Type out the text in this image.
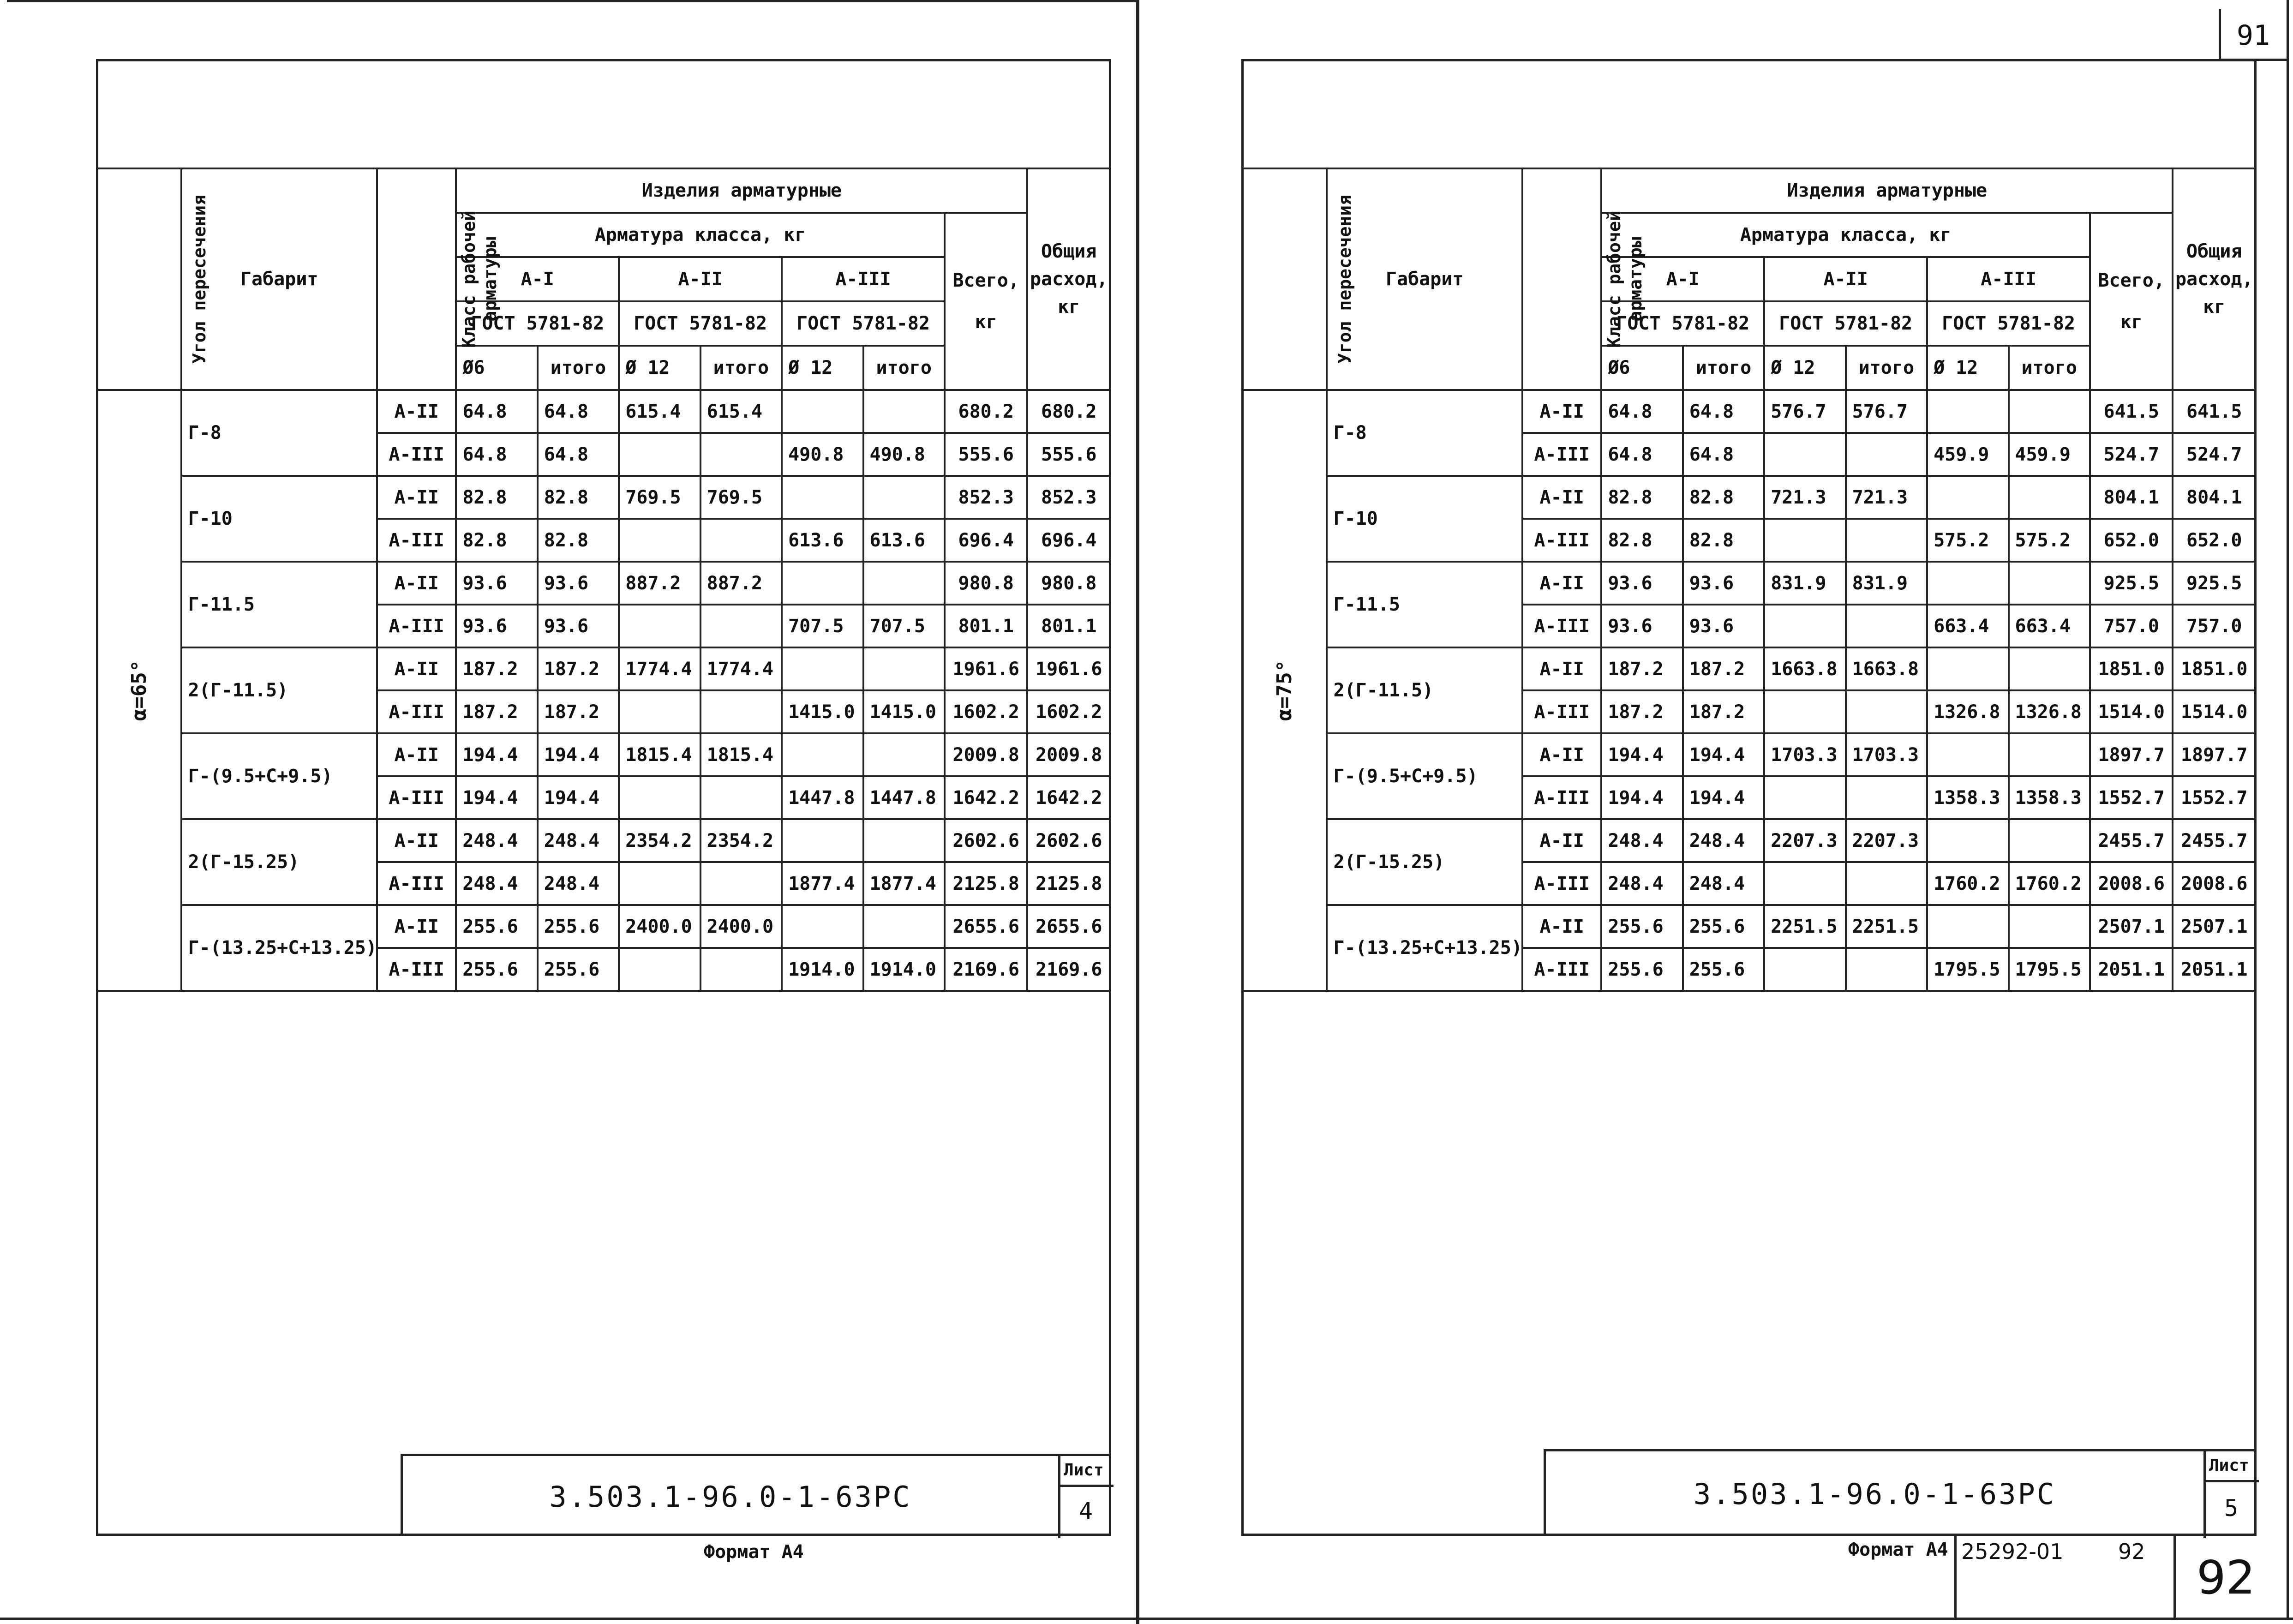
91
Угол пересечения	Габарит	Класс рабочей арматуры	Изделия арматурные							Общия
расход,
кг
			Арматура класса, кг						Всего,
кг	
			А-I		А-II		А-III			
			ГОСТ 5781-82		ГОСТ 5781-82		ГОСТ 5781-82			
			Ø6	итого	Ø 12	итого	Ø 12	итого		
α=65°	Г-8	А-II	64.8	64.8	615.4	615.4			680.2	680.2
		А-III	64.8	64.8			490.8	490.8	555.6	555.6
	Г-10	А-II	82.8	82.8	769.5	769.5			852.3	852.3
		А-III	82.8	82.8			613.6	613.6	696.4	696.4
	Г-11.5	А-II	93.6	93.6	887.2	887.2			980.8	980.8
		А-III	93.6	93.6			707.5	707.5	801.1	801.1
	2(Г-11.5)	А-II	187.2	187.2	1774.4	1774.4			1961.6	1961.6
		А-III	187.2	187.2			1415.0	1415.0	1602.2	1602.2
	Г-(9.5+С+9.5)	А-II	194.4	194.4	1815.4	1815.4			2009.8	2009.8
		А-III	194.4	194.4			1447.8	1447.8	1642.2	1642.2
	2(Г-15.25)	А-II	248.4	248.4	2354.2	2354.2			2602.6	2602.6
		А-III	248.4	248.4			1877.4	1877.4	2125.8	2125.8
	Г-(13.25+С+13.25)	А-II	255.6	255.6	2400.0	2400.0			2655.6	2655.6
		А-III	255.6	255.6			1914.0	1914.0	2169.6	2169.6
3.503.1-96.0-1-63РС
Лист
4
Формат А4
Угол пересечения	Габарит	Класс рабочей арматуры	Изделия арматурные							Общия
расход,
кг
			Арматура класса, кг						Всего,
кг	
			А-I		А-II		А-III			
			ГОСТ 5781-82		ГОСТ 5781-82		ГОСТ 5781-82			
			Ø6	итого	Ø 12	итого	Ø 12	итого		
α=75°	Г-8	А-II	64.8	64.8	576.7	576.7			641.5	641.5
		А-III	64.8	64.8			459.9	459.9	524.7	524.7
	Г-10	А-II	82.8	82.8	721.3	721.3			804.1	804.1
		А-III	82.8	82.8			575.2	575.2	652.0	652.0
	Г-11.5	А-II	93.6	93.6	831.9	831.9			925.5	925.5
		А-III	93.6	93.6			663.4	663.4	757.0	757.0
	2(Г-11.5)	А-II	187.2	187.2	1663.8	1663.8			1851.0	1851.0
		А-III	187.2	187.2			1326.8	1326.8	1514.0	1514.0
	Г-(9.5+С+9.5)	А-II	194.4	194.4	1703.3	1703.3			1897.7	1897.7
		А-III	194.4	194.4			1358.3	1358.3	1552.7	1552.7
	2(Г-15.25)	А-II	248.4	248.4	2207.3	2207.3			2455.7	2455.7
		А-III	248.4	248.4			1760.2	1760.2	2008.6	2008.6
	Г-(13.25+С+13.25)	А-II	255.6	255.6	2251.5	2251.5			2507.1	2507.1
		А-III	255.6	255.6			1795.5	1795.5	2051.1	2051.1
3.503.1-96.0-1-63РС
Лист
5
Формат А4 25292-01	92 92
